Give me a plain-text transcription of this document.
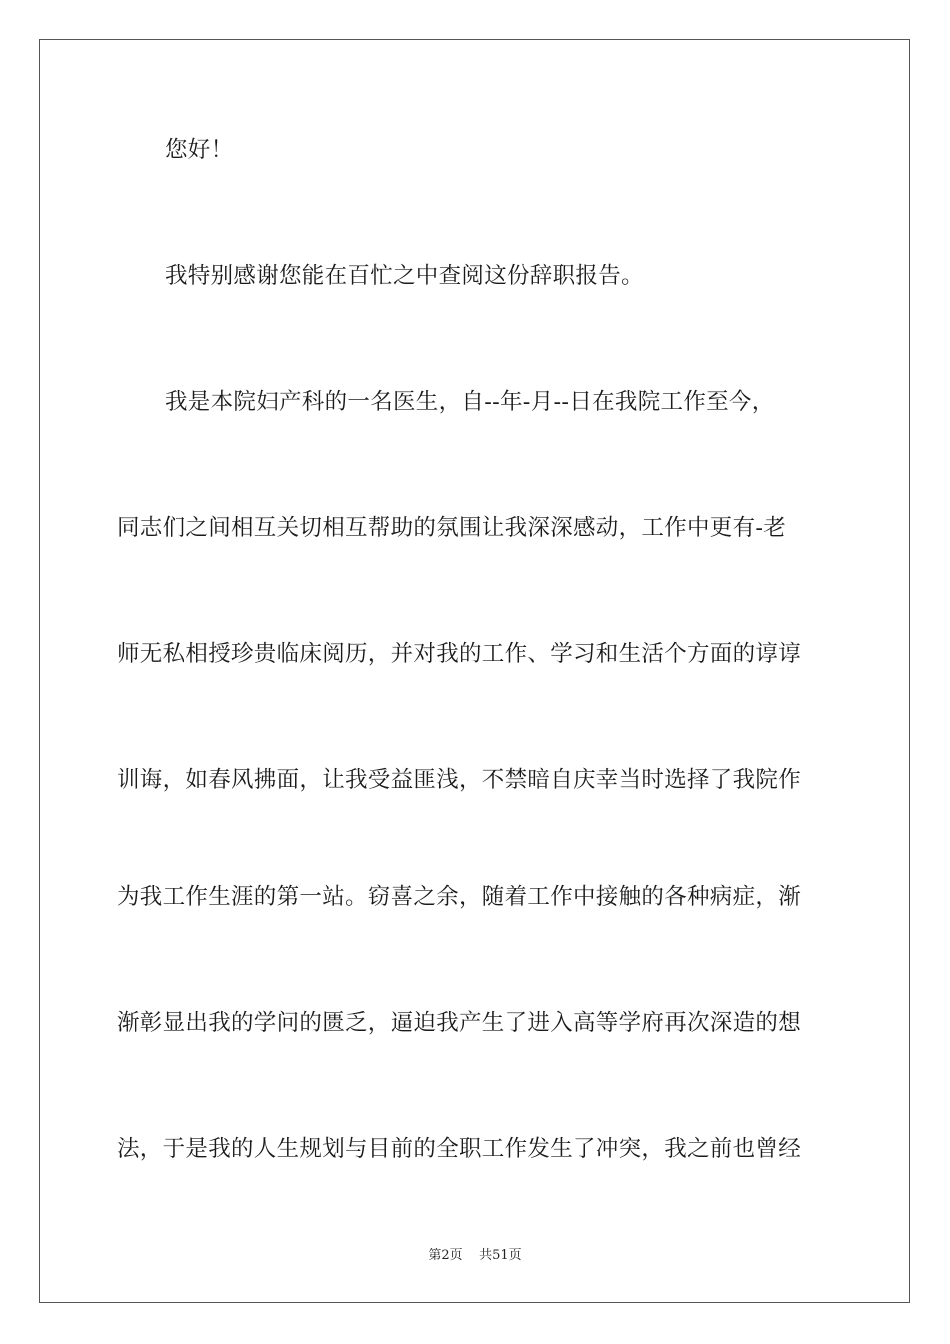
您好！
我特别感谢您能在百忙之中查阅这份辞职报告。
我是本院妇产科的一名医生，自--年-月--日在我院工作至今，
同志们之间相互关切相互帮助的氛围让我深深感动，工作中更有-老
师无私相授珍贵临床阅历，并对我的工作、学习和生活个方面的谆谆
训诲，如春风拂面，让我受益匪浅，不禁暗自庆幸当时选择了我院作
为我工作生涯的第一站。窃喜之余，随着工作中接触的各种病症，渐
渐彰显出我的学问的匮乏，逼迫我产生了进入高等学府再次深造的想
法，于是我的人生规划与目前的全职工作发生了冲突，我之前也曾经
第2页 共51页
